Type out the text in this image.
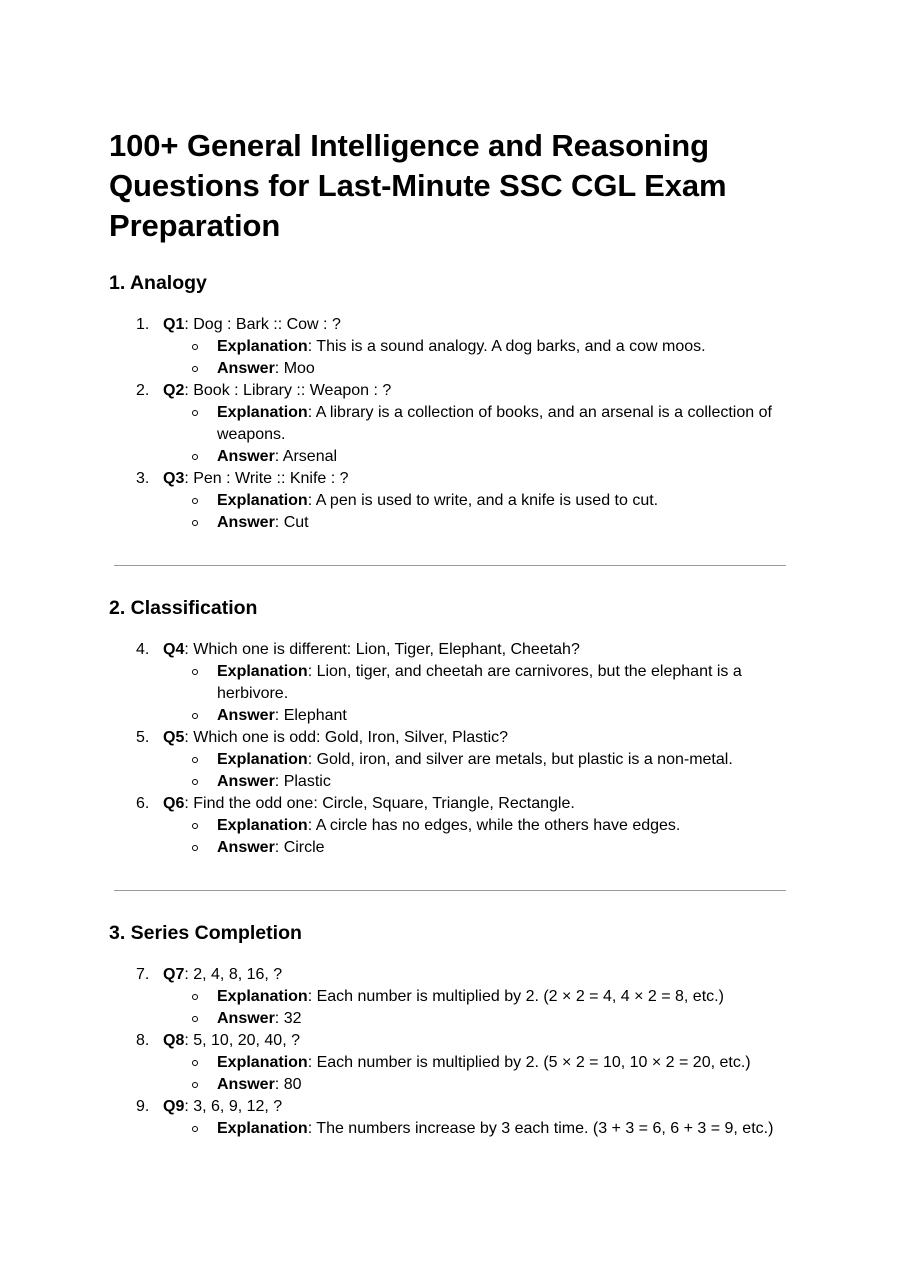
100+ General Intelligence and Reasoning Questions for Last-Minute SSC CGL Exam Preparation
1. Analogy
1. Q1: Dog : Bark :: Cow : ?
Explanation: This is a sound analogy. A dog barks, and a cow moos.
Answer: Moo
2. Q2: Book : Library :: Weapon : ?
Explanation: A library is a collection of books, and an arsenal is a collection of weapons.
Answer: Arsenal
3. Q3: Pen : Write :: Knife : ?
Explanation: A pen is used to write, and a knife is used to cut.
Answer: Cut
2. Classification
4. Q4: Which one is different: Lion, Tiger, Elephant, Cheetah?
Explanation: Lion, tiger, and cheetah are carnivores, but the elephant is a herbivore.
Answer: Elephant
5. Q5: Which one is odd: Gold, Iron, Silver, Plastic?
Explanation: Gold, iron, and silver are metals, but plastic is a non-metal.
Answer: Plastic
6. Q6: Find the odd one: Circle, Square, Triangle, Rectangle.
Explanation: A circle has no edges, while the others have edges.
Answer: Circle
3. Series Completion
7. Q7: 2, 4, 8, 16, ?
Explanation: Each number is multiplied by 2. (2 × 2 = 4, 4 × 2 = 8, etc.)
Answer: 32
8. Q8: 5, 10, 20, 40, ?
Explanation: Each number is multiplied by 2. (5 × 2 = 10, 10 × 2 = 20, etc.)
Answer: 80
9. Q9: 3, 6, 9, 12, ?
Explanation: The numbers increase by 3 each time. (3 + 3 = 6, 6 + 3 = 9, etc.)
